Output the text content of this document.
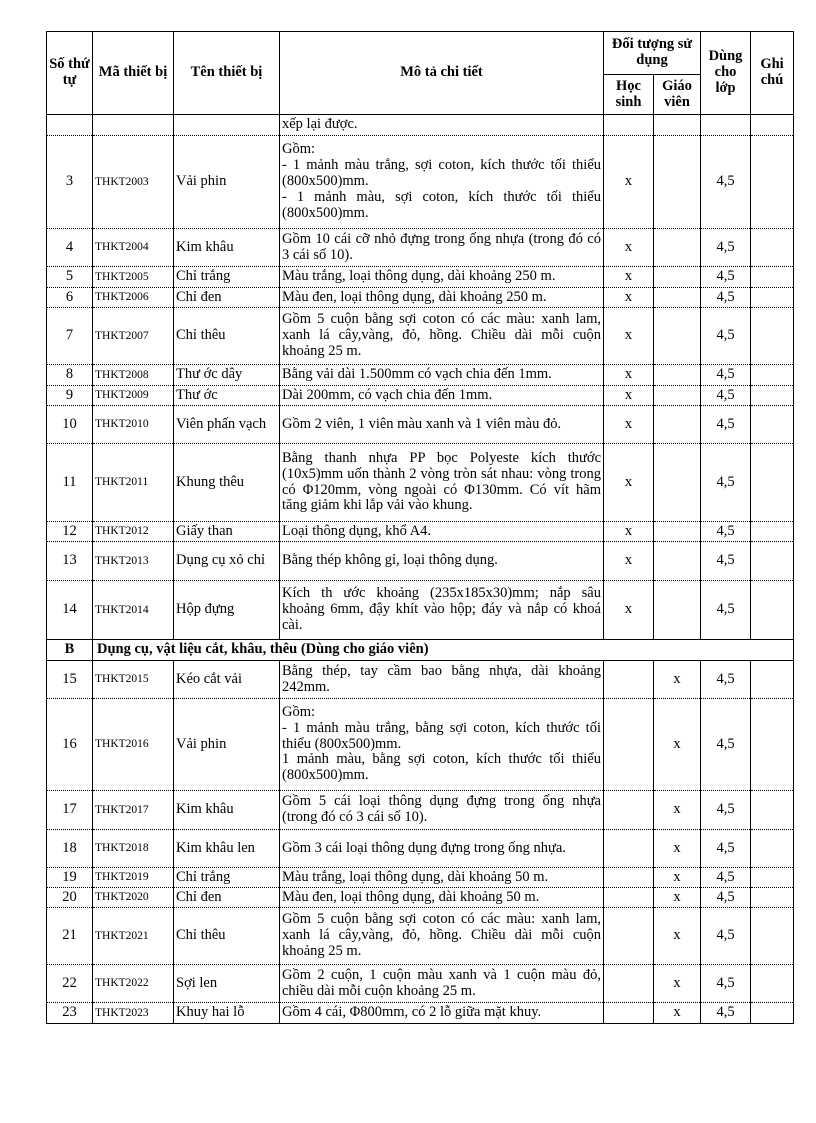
Số thứ tự	Mã thiết bị	Tên thiết bị	Mô tả chi tiết	Đối tượng sử dụng		Dùng cho lớp	Ghi chú
				Học sinh	Giáo viên		
			xếp lại được.				
3	THKT2003	Vải phin	Gồm:
- 1 mảnh màu trắng, sợi coton, kích thước tối thiểu (800x500)mm.
- 1 mảnh màu, sợi coton, kích thước tối thiểu (800x500)mm.	x		4,5	
4	THKT2004	Kim khâu	Gồm 10 cái cỡ nhỏ đựng trong ống nhựa (trong đó có 3 cái số 10).	x		4,5	
5	THKT2005	Chỉ trắng	Màu trắng, loại thông dụng, dài khoảng 250 m.	x		4,5	
6	THKT2006	Chỉ đen	Màu đen, loại thông dụng, dài khoảng 250 m.	x		4,5	
7	THKT2007	Chỉ thêu	Gồm 5 cuộn bằng sợi coton có các màu: xanh lam, xanh lá cây,vàng, đỏ, hồng. Chiều dài mỗi cuộn khoảng 25 m.	x		4,5	
8	THKT2008	Thư ớc dây	Bằng vải dài 1.500mm có vạch chia đến 1mm.	x		4,5	
9	THKT2009	Thư ớc	Dài 200mm, có vạch chia đến 1mm.	x		4,5	
10	THKT2010	Viên phấn vạch	Gồm 2 viên, 1 viên màu xanh và 1 viên màu đỏ.	x		4,5	
11	THKT2011	Khung thêu	Bằng thanh nhựa PP bọc Polyeste kích thước (10x5)mm uốn thành 2 vòng tròn sát nhau: vòng trong có Φ120mm, vòng ngoài có Φ130mm. Có vít hãm tăng giảm khi lắp vải vào khung.	x		4,5	
12	THKT2012	Giấy than	Loại thông dụng, khổ A4.	x		4,5	
13	THKT2013	Dụng cụ xỏ chỉ	Bằng thép không gỉ, loại thông dụng.	x		4,5	
14	THKT2014	Hộp đựng	Kích th ước khoảng (235x185x30)mm; nắp sâu khoảng 6mm, đậy khít vào hộp; đáy và nắp có khoá cài.	x		4,5	
B	Dụng cụ, vật liệu cắt, khâu, thêu (Dùng cho giáo viên)						
15	THKT2015	Kéo cắt vải	Bằng thép, tay cầm bao bằng nhựa, dài khoảng 242mm.		x	4,5	
16	THKT2016	Vải phin	Gồm:
- 1 mảnh màu trắng, bằng sợi coton, kích thước tối thiểu (800x500)mm.
1 mảnh màu, bằng sợi coton, kích thước tối thiểu (800x500)mm.		x	4,5	
17	THKT2017	Kim khâu	Gồm 5 cái loại thông dụng đựng trong ống nhựa (trong đó có 3 cái số 10).		x	4,5	
18	THKT2018	Kim khâu len	Gồm 3 cái loại thông dụng đựng trong ống nhựa.		x	4,5	
19	THKT2019	Chỉ trắng	Màu trắng, loại thông dụng, dài khoảng 50 m.		x	4,5	
20	THKT2020	Chỉ đen	Màu đen, loại thông dụng, dài khoảng 50 m.		x	4,5	
21	THKT2021	Chỉ thêu	Gồm 5 cuộn bằng sợi coton có các màu: xanh lam, xanh lá cây,vàng, đỏ, hồng. Chiều dài mỗi cuộn khoảng 25 m.		x	4,5	
22	THKT2022	Sợi len	Gồm 2 cuộn, 1 cuộn màu xanh và 1 cuộn màu đỏ, chiều dài mỗi cuộn khoảng 25 m.		x	4,5	
23	THKT2023	Khuy hai lỗ	Gồm 4 cái, Φ800mm, có 2 lỗ giữa mặt khuy.		x	4,5	
